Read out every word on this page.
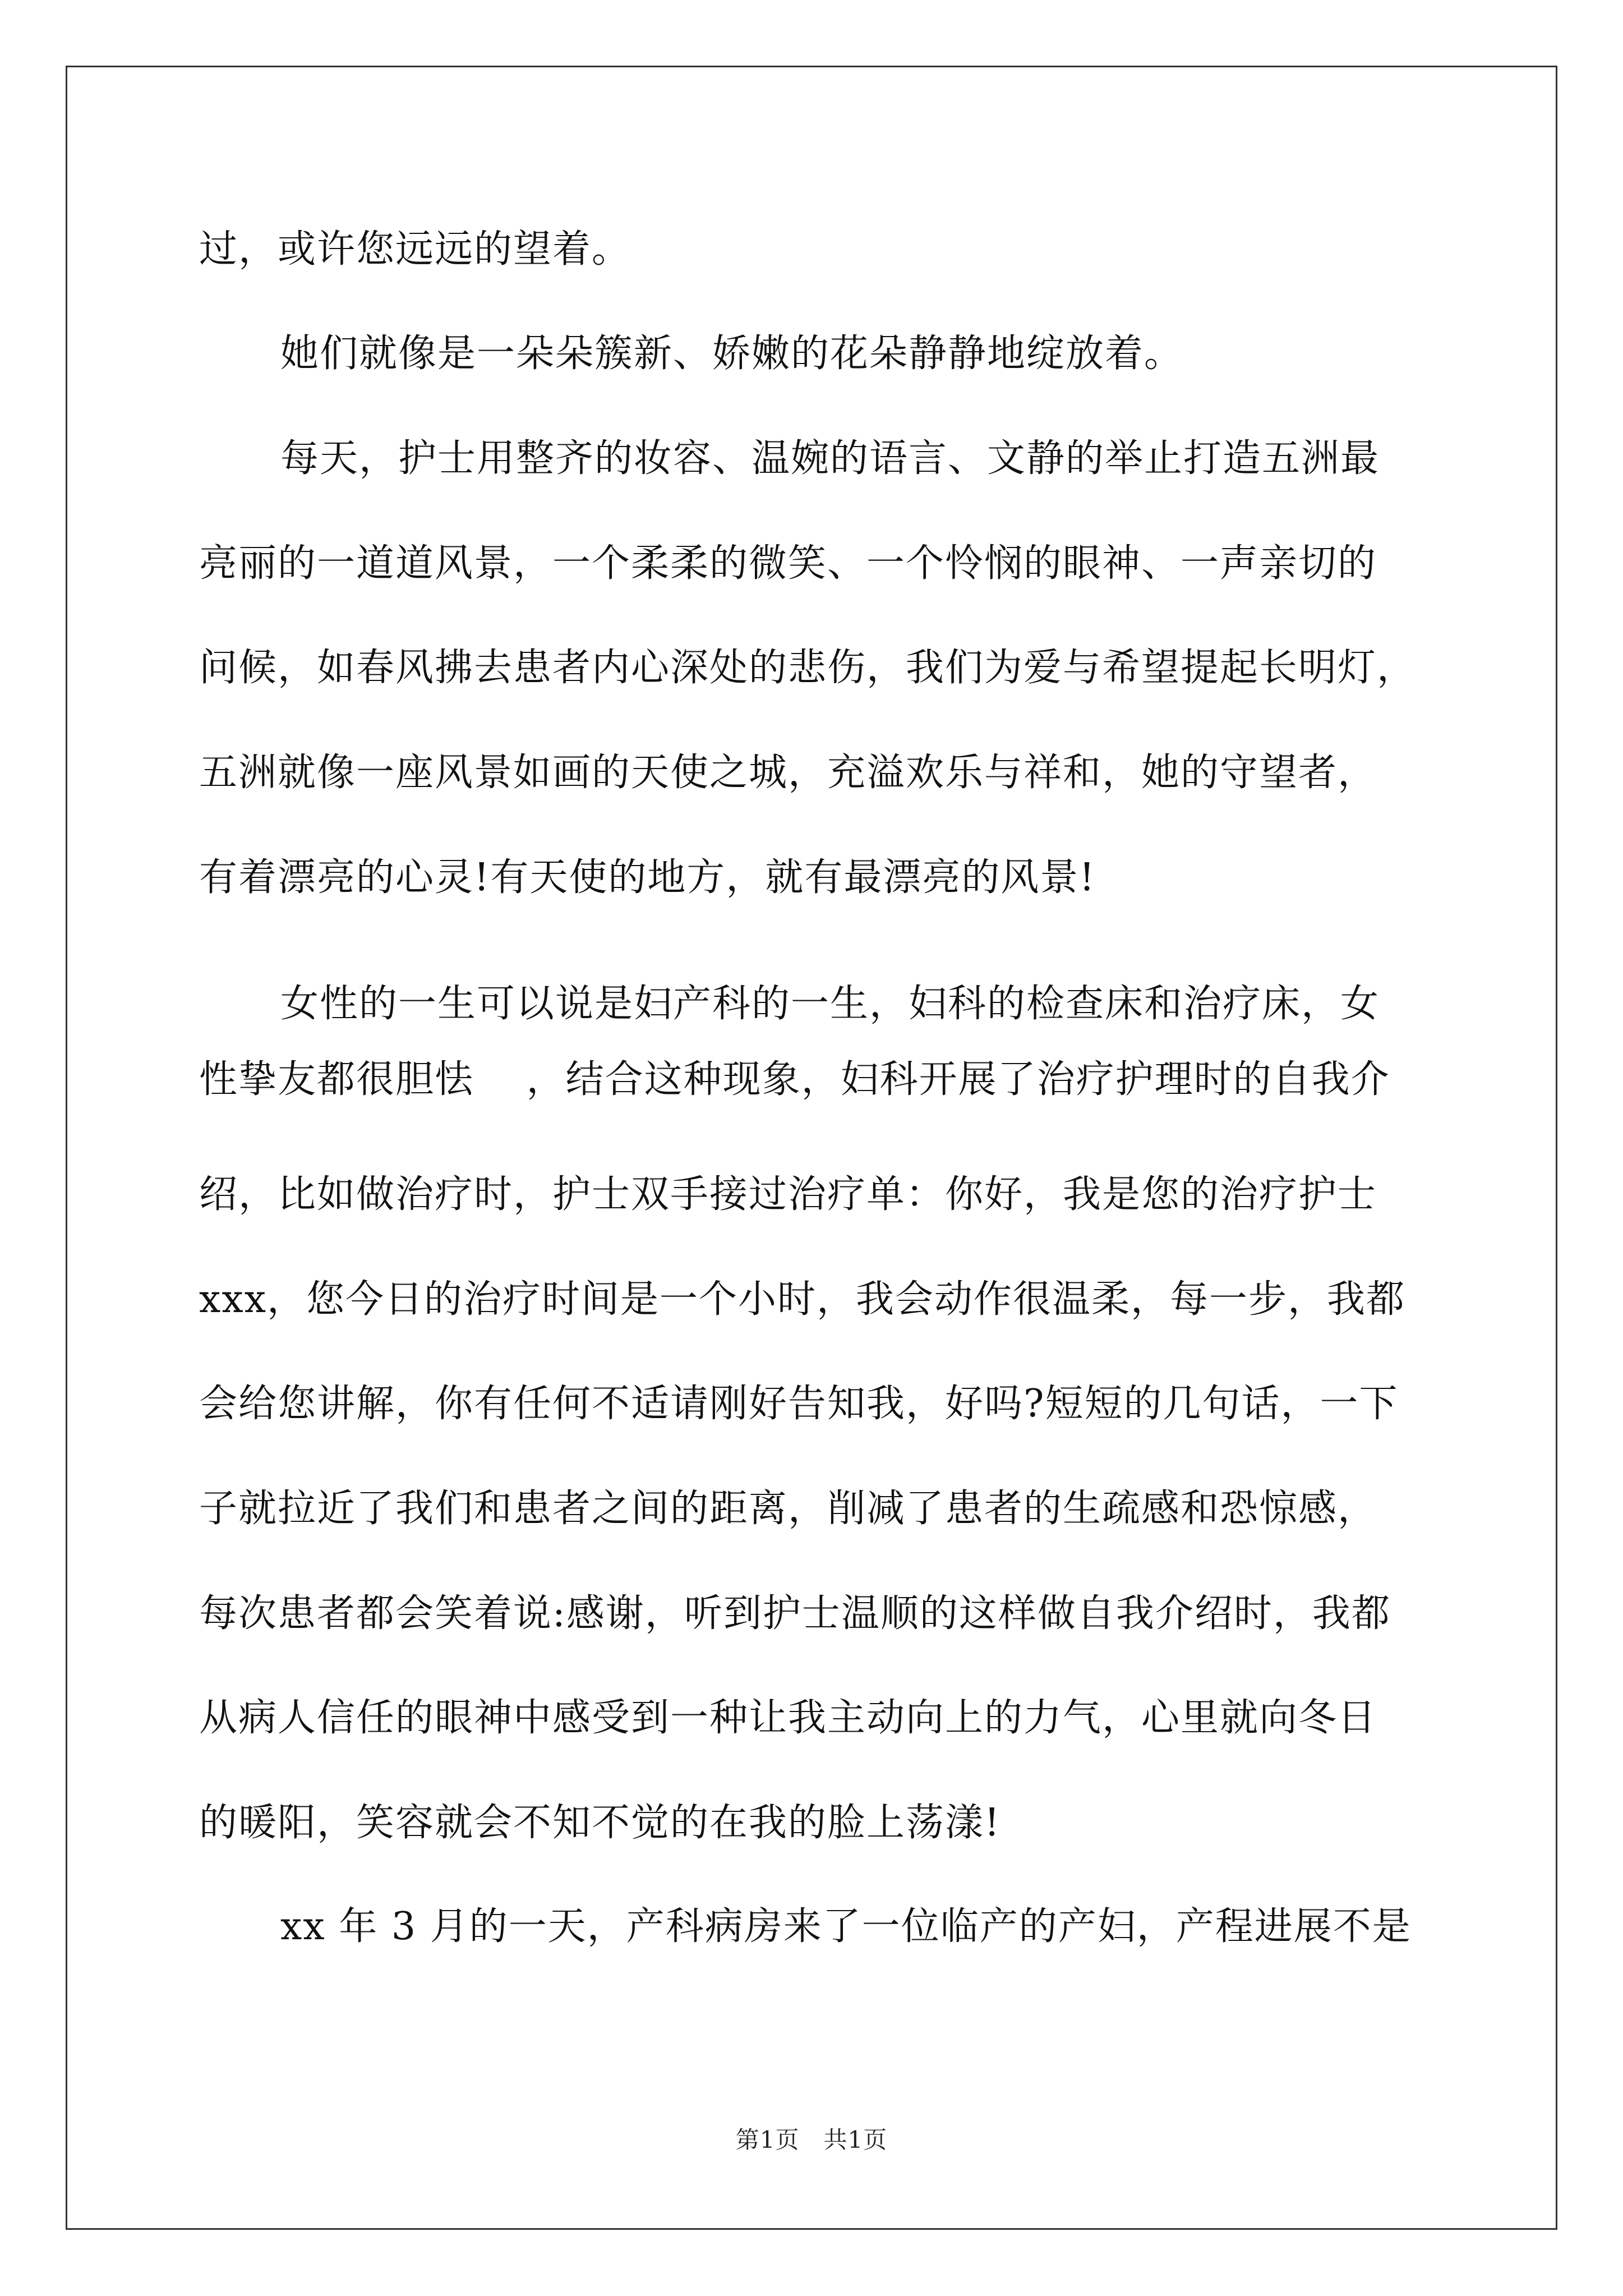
过，或许您远远的望着。
她们就像是一朵朵簇新、娇嫩的花朵静静地绽放着。
每天，护士用整齐的妆容、温婉的语言、文静的举止打造五洲最
亮丽的一道道风景，一个柔柔的微笑、一个怜悯的眼神、一声亲切的
问候，如春风拂去患者内心深处的悲伤，我们为爱与希望提起长明灯，
五洲就像一座风景如画的天使之城，充溢欢乐与祥和，她的守望者，
有着漂亮的心灵!有天使的地方，就有最漂亮的风景!
女性的一生可以说是妇产科的一生，妇科的检查床和治疗床，女
性挚友都很胆怯　 ，结合这种现象，妇科开展了治疗护理时的自我介
绍，比如做治疗时，护士双手接过治疗单：你好，我是您的治疗护士
xxx，您今日的治疗时间是一个小时，我会动作很温柔，每一步，我都
会给您讲解，你有任何不适请刚好告知我，好吗?短短的几句话，一下
子就拉近了我们和患者之间的距离，削减了患者的生疏感和恐惊感，
每次患者都会笑着说:感谢，听到护士温顺的这样做自我介绍时，我都
从病人信任的眼神中感受到一种让我主动向上的力气，心里就向冬日
的暖阳，笑容就会不知不觉的在我的脸上荡漾!
xx 年 3 月的一天，产科病房来了一位临产的产妇，产程进展不是
第1页　共1页
